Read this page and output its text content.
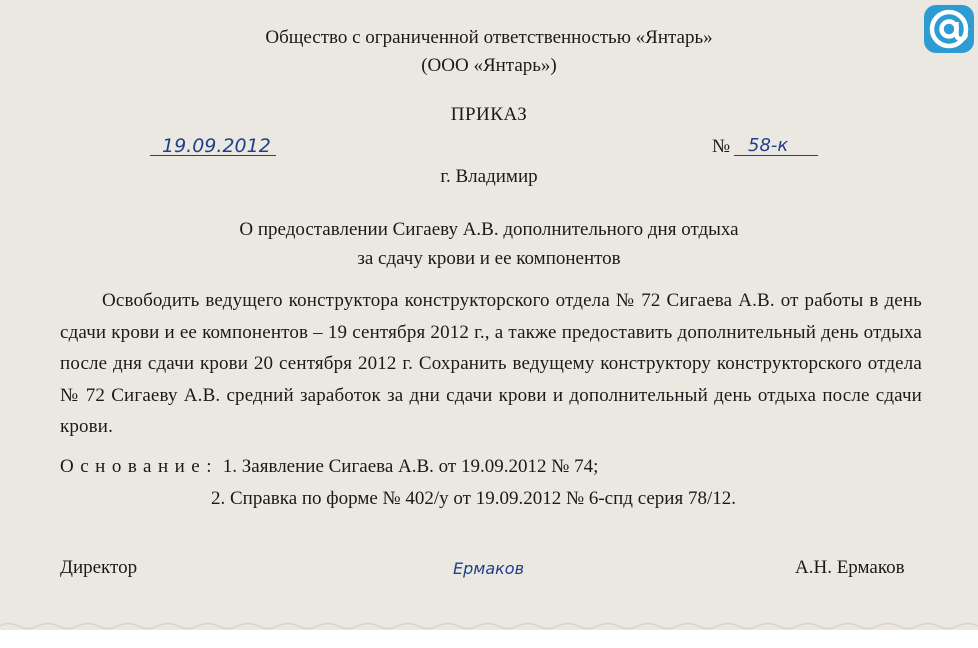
Общество с ограниченной ответственностью «Янтарь»
(ООО «Янтарь»)
ПРИКАЗ
19.09.2012	№ 58-к
г. Владимир
О предоставлении Сигаеву А.В. дополнительного дня отдыха
за сдачу крови и ее компонентов
Освободить ведущего конструктора конструкторского отдела № 72 Сигаева А.В. от работы в день сдачи крови и ее компонентов – 19 сентября 2012 г., а также предоставить дополнительный день отдыха после дня сдачи крови 20 сентября 2012 г. Сохранить ведущему конструктору конструкторского отдела № 72 Сигаеву А.В. средний заработок за дни сдачи крови и дополнительный день отдыха после сдачи крови.
Основание: 1. Заявление Сигаева А.В. от 19.09.2012 № 74;
2. Справка по форме № 402/у от 19.09.2012 № 6-спд серия 78/12.
Директор	Ермаков	А.Н. Ермаков
